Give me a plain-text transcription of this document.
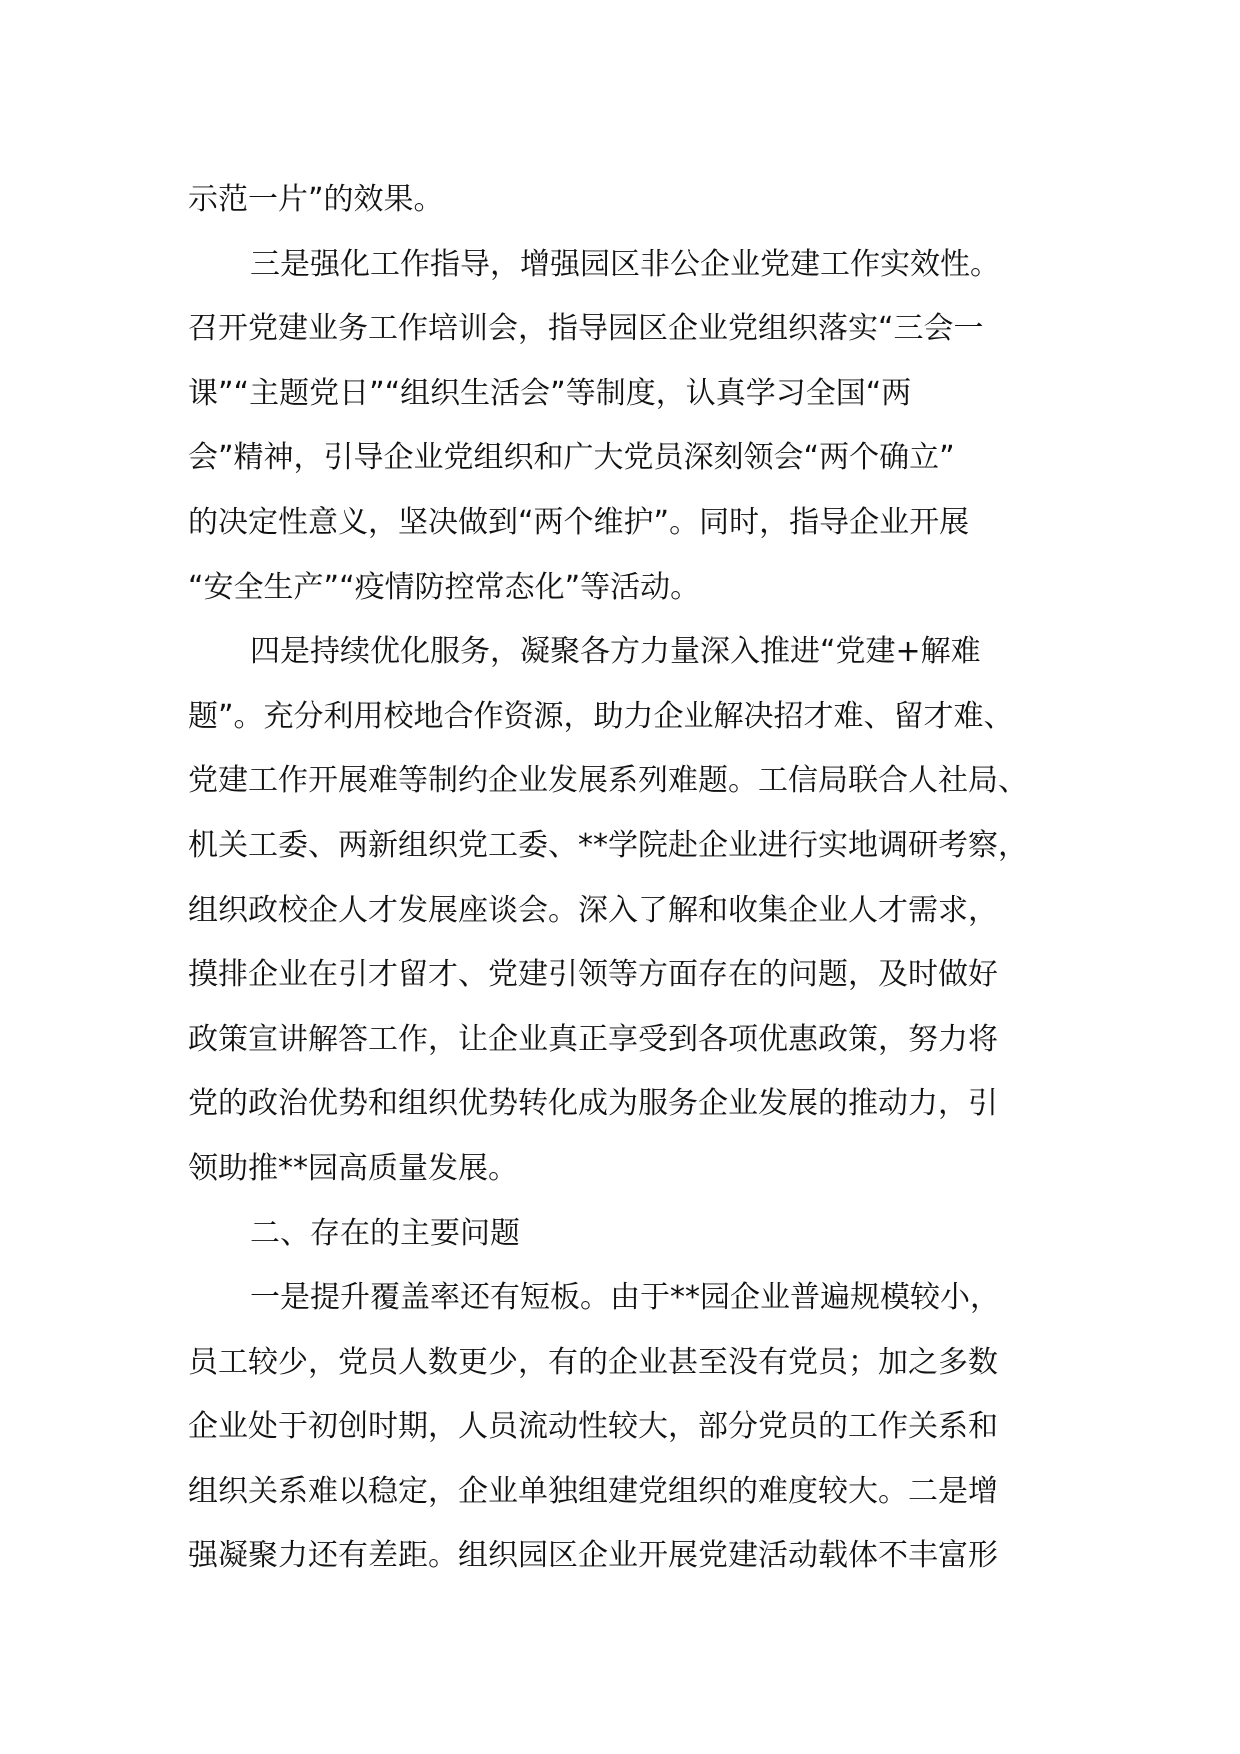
示范一片”的效果。
三是强化工作指导，增强园区非公企业党建工作实效性。
召开党建业务工作培训会，指导园区企业党组织落实“三会一
课”“主题党日”“组织生活会”等制度，认真学习全国“两
会”精神，引导企业党组织和广大党员深刻领会“两个确立”
的决定性意义，坚决做到“两个维护”。同时，指导企业开展
“安全生产”“疫情防控常态化”等活动。
四是持续优化服务，凝聚各方力量深入推进“党建+解难
题”。充分利用校地合作资源，助力企业解决招才难、留才难、
党建工作开展难等制约企业发展系列难题。工信局联合人社局、
机关工委、两新组织党工委、**学院赴企业进行实地调研考察，
组织政校企人才发展座谈会。深入了解和收集企业人才需求，
摸排企业在引才留才、党建引领等方面存在的问题，及时做好
政策宣讲解答工作，让企业真正享受到各项优惠政策，努力将
党的政治优势和组织优势转化成为服务企业发展的推动力，引
领助推**园高质量发展。
二、存在的主要问题
一是提升覆盖率还有短板。由于**园企业普遍规模较小，
员工较少，党员人数更少，有的企业甚至没有党员；加之多数
企业处于初创时期，人员流动性较大，部分党员的工作关系和
组织关系难以稳定，企业单独组建党组织的难度较大。二是增
强凝聚力还有差距。组织园区企业开展党建活动载体不丰富形
